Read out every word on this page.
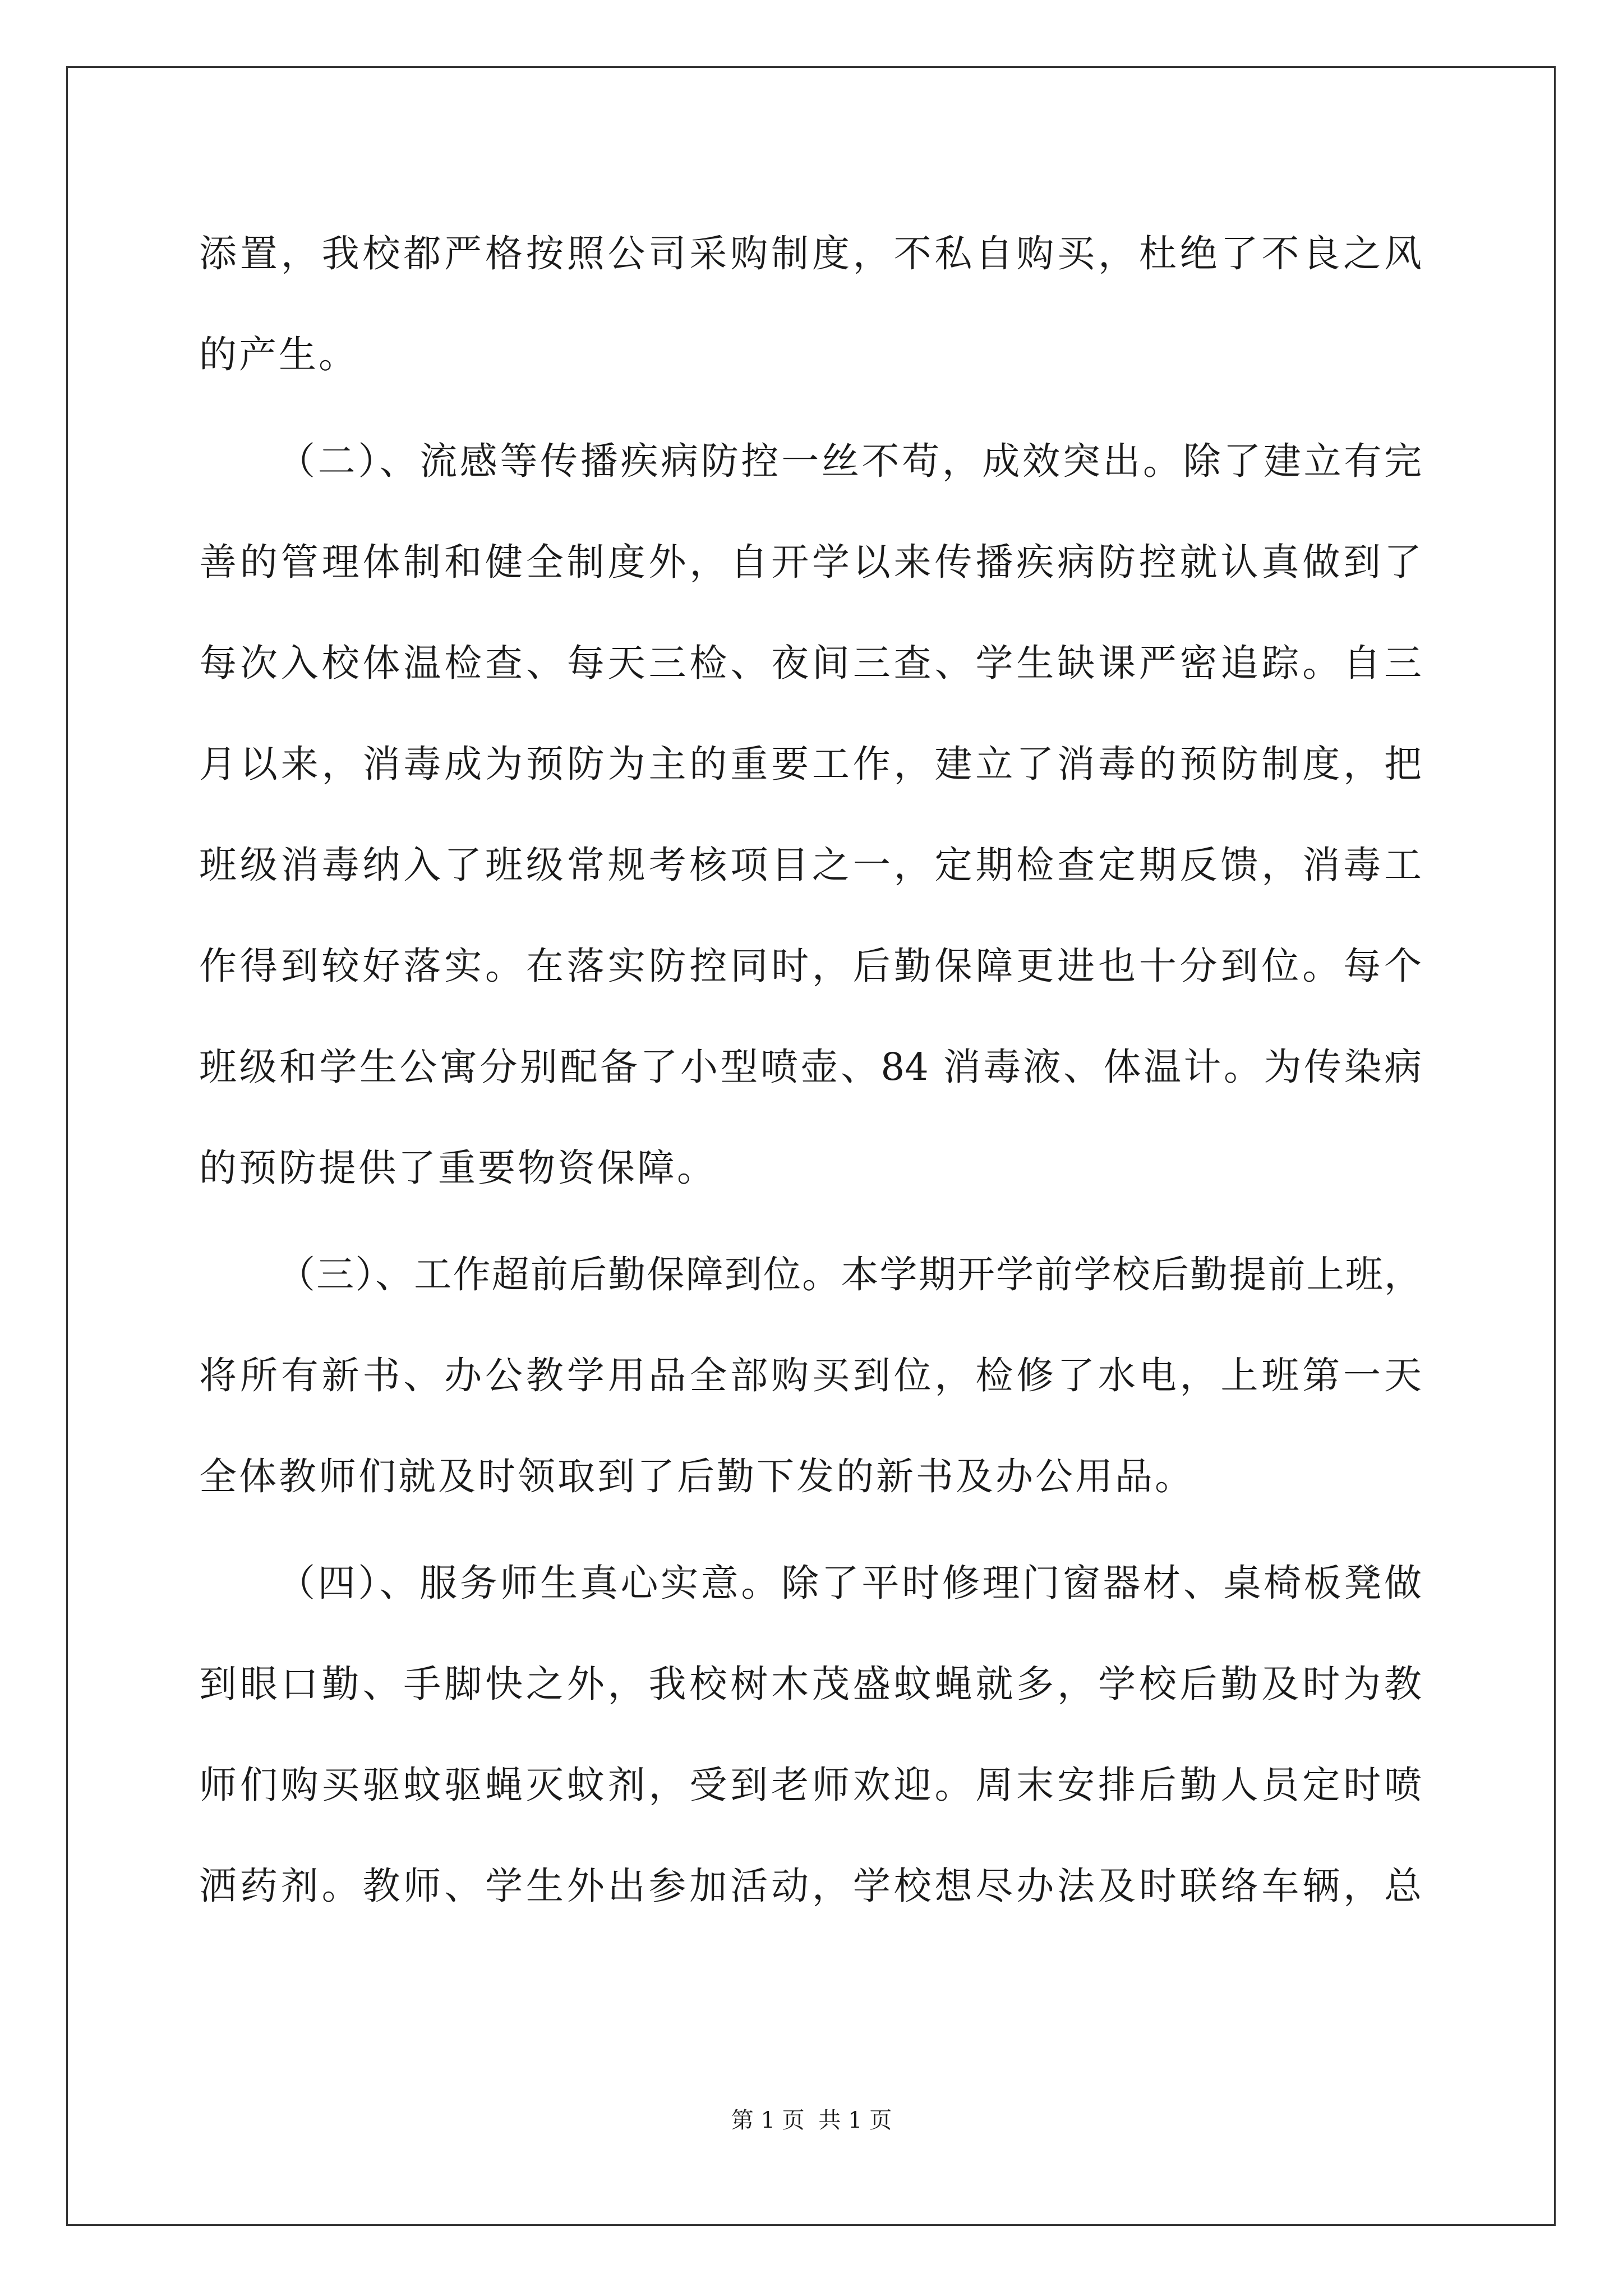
添置，我校都严格按照公司采购制度，不私自购买，杜绝了不良之风
的产生。
（二）、流感等传播疾病防控一丝不苟，成效突出。除了建立有完
善的管理体制和健全制度外，自开学以来传播疾病防控就认真做到了
每次入校体温检查、每天三检、夜间三查、学生缺课严密追踪。自三
月以来，消毒成为预防为主的重要工作，建立了消毒的预防制度，把
班级消毒纳入了班级常规考核项目之一，定期检查定期反馈，消毒工
作得到较好落实。在落实防控同时，后勤保障更进也十分到位。每个
班级和学生公寓分别配备了小型喷壶、84 消毒液、体温计。为传染病
的预防提供了重要物资保障。
（三）、工作超前后勤保障到位。本学期开学前学校后勤提前上班，
将所有新书、办公教学用品全部购买到位，检修了水电，上班第一天
全体教师们就及时领取到了后勤下发的新书及办公用品。
（四）、服务师生真心实意。除了平时修理门窗器材、桌椅板凳做
到眼口勤、手脚快之外，我校树木茂盛蚊蝇就多，学校后勤及时为教
师们购买驱蚊驱蝇灭蚊剂，受到老师欢迎。周末安排后勤人员定时喷
洒药剂。教师、学生外出参加活动，学校想尽办法及时联络车辆，总
第 1 页 共 1 页
